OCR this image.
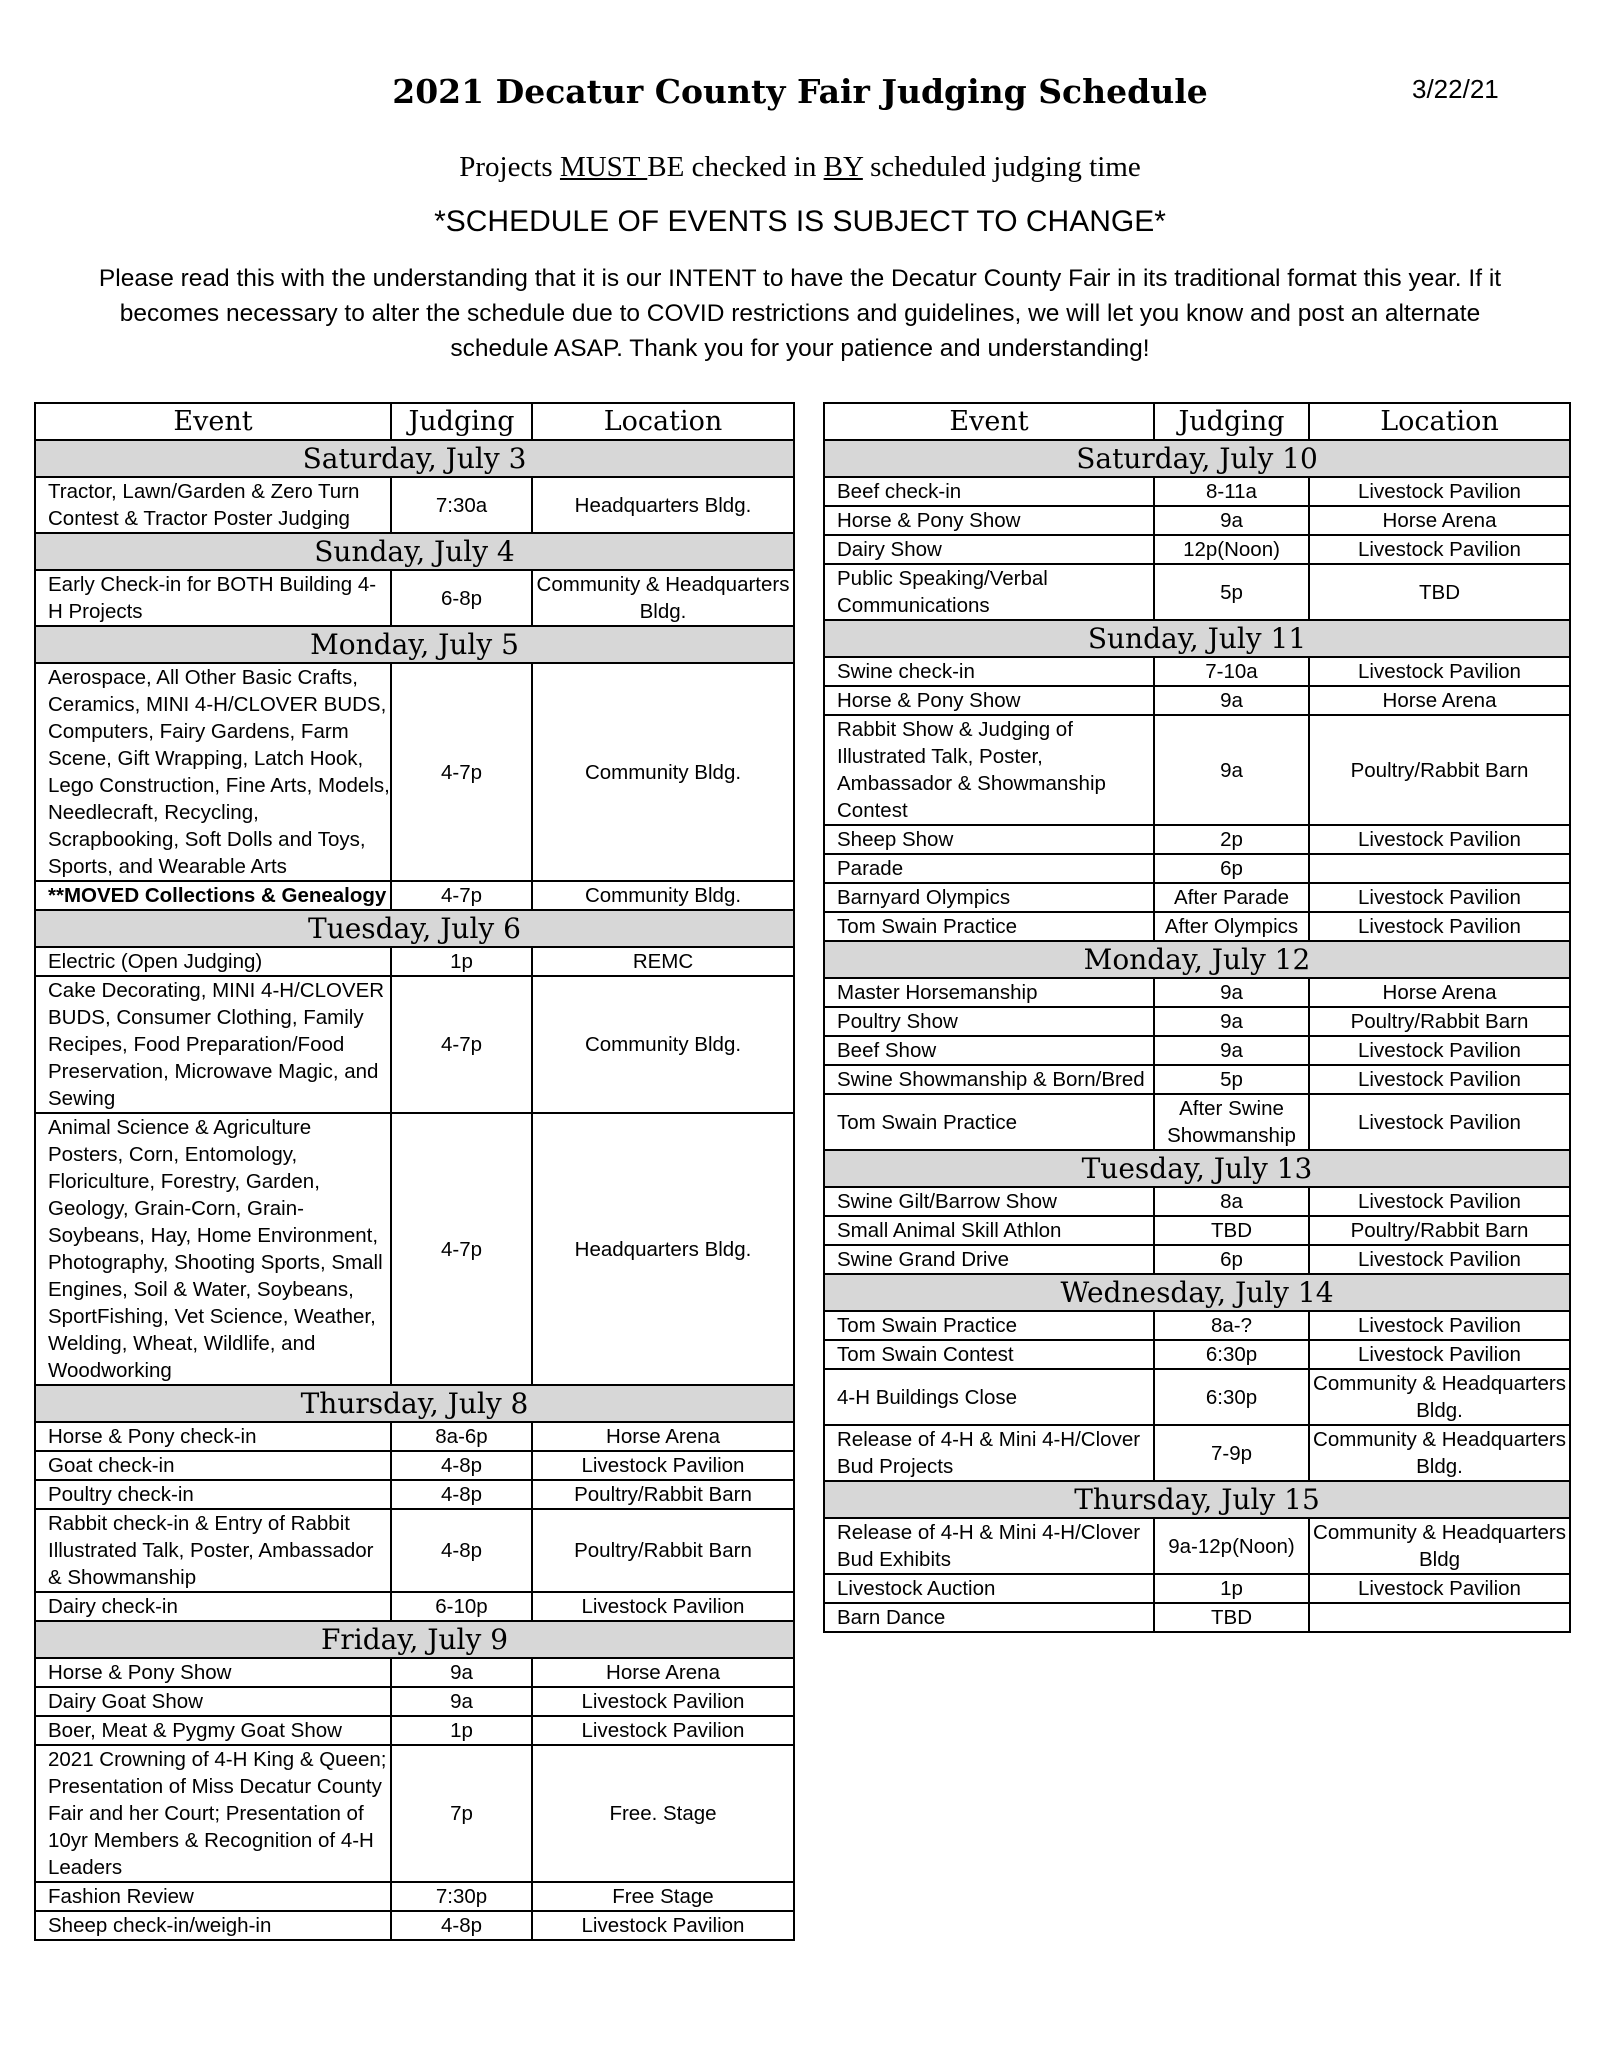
2021 Decatur County Fair Judging Schedule	3/22/21
Projects MUST BE checked in BY scheduled judging time
*SCHEDULE OF EVENTS IS SUBJECT TO CHANGE*
Please read this with the understanding that it is our INTENT to have the Decatur County Fair in its traditional format this year. If it becomes necessary to alter the schedule due to COVID restrictions and guidelines, we will let you know and post an alternate schedule ASAP. Thank you for your patience and understanding!
Event	Judging	Location
Saturday, July 3		
Tractor, Lawn/Garden & Zero Turn Contest & Tractor Poster Judging	7:30a	Headquarters Bldg.
Sunday, July 4		
Early Check-in for BOTH Building 4-H Projects	6-8p	Community & Headquarters Bldg.
Monday, July 5		
Aerospace, All Other Basic Crafts, Ceramics, MINI 4-H/CLOVER BUDS, Computers, Fairy Gardens, Farm Scene, Gift Wrapping, Latch Hook, Lego Construction, Fine Arts, Models, Needlecraft, Recycling, Scrapbooking, Soft Dolls and Toys, Sports, and Wearable Arts	4-7p	Community Bldg.
**MOVED Collections & Genealogy	4-7p	Community Bldg.
Tuesday, July 6		
Electric (Open Judging)	1p	REMC
Cake Decorating, MINI 4-H/CLOVER BUDS, Consumer Clothing, Family Recipes, Food Preparation/Food Preservation, Microwave Magic, and Sewing	4-7p	Community Bldg.
Animal Science & Agriculture Posters, Corn, Entomology, Floriculture, Forestry, Garden, Geology, Grain-Corn, Grain-Soybeans, Hay, Home Environment, Photography, Shooting Sports, Small Engines, Soil & Water, Soybeans, SportFishing, Vet Science, Weather, Welding, Wheat, Wildlife, and Woodworking	4-7p	Headquarters Bldg.
Thursday, July 8		
Horse & Pony check-in	8a-6p	Horse Arena
Goat check-in	4-8p	Livestock Pavilion
Poultry check-in	4-8p	Poultry/Rabbit Barn
Rabbit check-in & Entry of Rabbit Illustrated Talk, Poster, Ambassador & Showmanship	4-8p	Poultry/Rabbit Barn
Dairy check-in	6-10p	Livestock Pavilion
Friday, July 9		
Horse & Pony Show	9a	Horse Arena
Dairy Goat Show	9a	Livestock Pavilion
Boer, Meat & Pygmy Goat Show	1p	Livestock Pavilion
2021 Crowning of 4-H King & Queen; Presentation of Miss Decatur County Fair and her Court; Presentation of 10yr Members & Recognition of 4-H Leaders	7p	Free. Stage
Fashion Review	7:30p	Free Stage
Sheep check-in/weigh-in	4-8p	Livestock Pavilion
Event	Judging	Location
Saturday, July 10		
Beef check-in	8-11a	Livestock Pavilion
Horse & Pony Show	9a	Horse Arena
Dairy Show	12p(Noon)	Livestock Pavilion
Public Speaking/Verbal Communications	5p	TBD
Sunday, July 11		
Swine check-in	7-10a	Livestock Pavilion
Horse & Pony Show	9a	Horse Arena
Rabbit Show & Judging of Illustrated Talk, Poster, Ambassador & Showmanship Contest	9a	Poultry/Rabbit Barn
Sheep Show	2p	Livestock Pavilion
Parade	6p	
Barnyard Olympics	After Parade	Livestock Pavilion
Tom Swain Practice	After Olympics	Livestock Pavilion
Monday, July 12		
Master Horsemanship	9a	Horse Arena
Poultry Show	9a	Poultry/Rabbit Barn
Beef Show	9a	Livestock Pavilion
Swine Showmanship & Born/Bred	5p	Livestock Pavilion
Tom Swain Practice	After Swine Showmanship	Livestock Pavilion
Tuesday, July 13		
Swine Gilt/Barrow Show	8a	Livestock Pavilion
Small Animal Skill Athlon	TBD	Poultry/Rabbit Barn
Swine Grand Drive	6p	Livestock Pavilion
Wednesday, July 14		
Tom Swain Practice	8a-?	Livestock Pavilion
Tom Swain Contest	6:30p	Livestock Pavilion
4-H Buildings Close	6:30p	Community & Headquarters Bldg.
Release of 4-H & Mini 4-H/Clover Bud Projects	7-9p	Community & Headquarters Bldg.
Thursday, July 15		
Release of 4-H & Mini 4-H/Clover Bud Exhibits	9a-12p(Noon)	Community & Headquarters Bldg
Livestock Auction	1p	Livestock Pavilion
Barn Dance	TBD	
